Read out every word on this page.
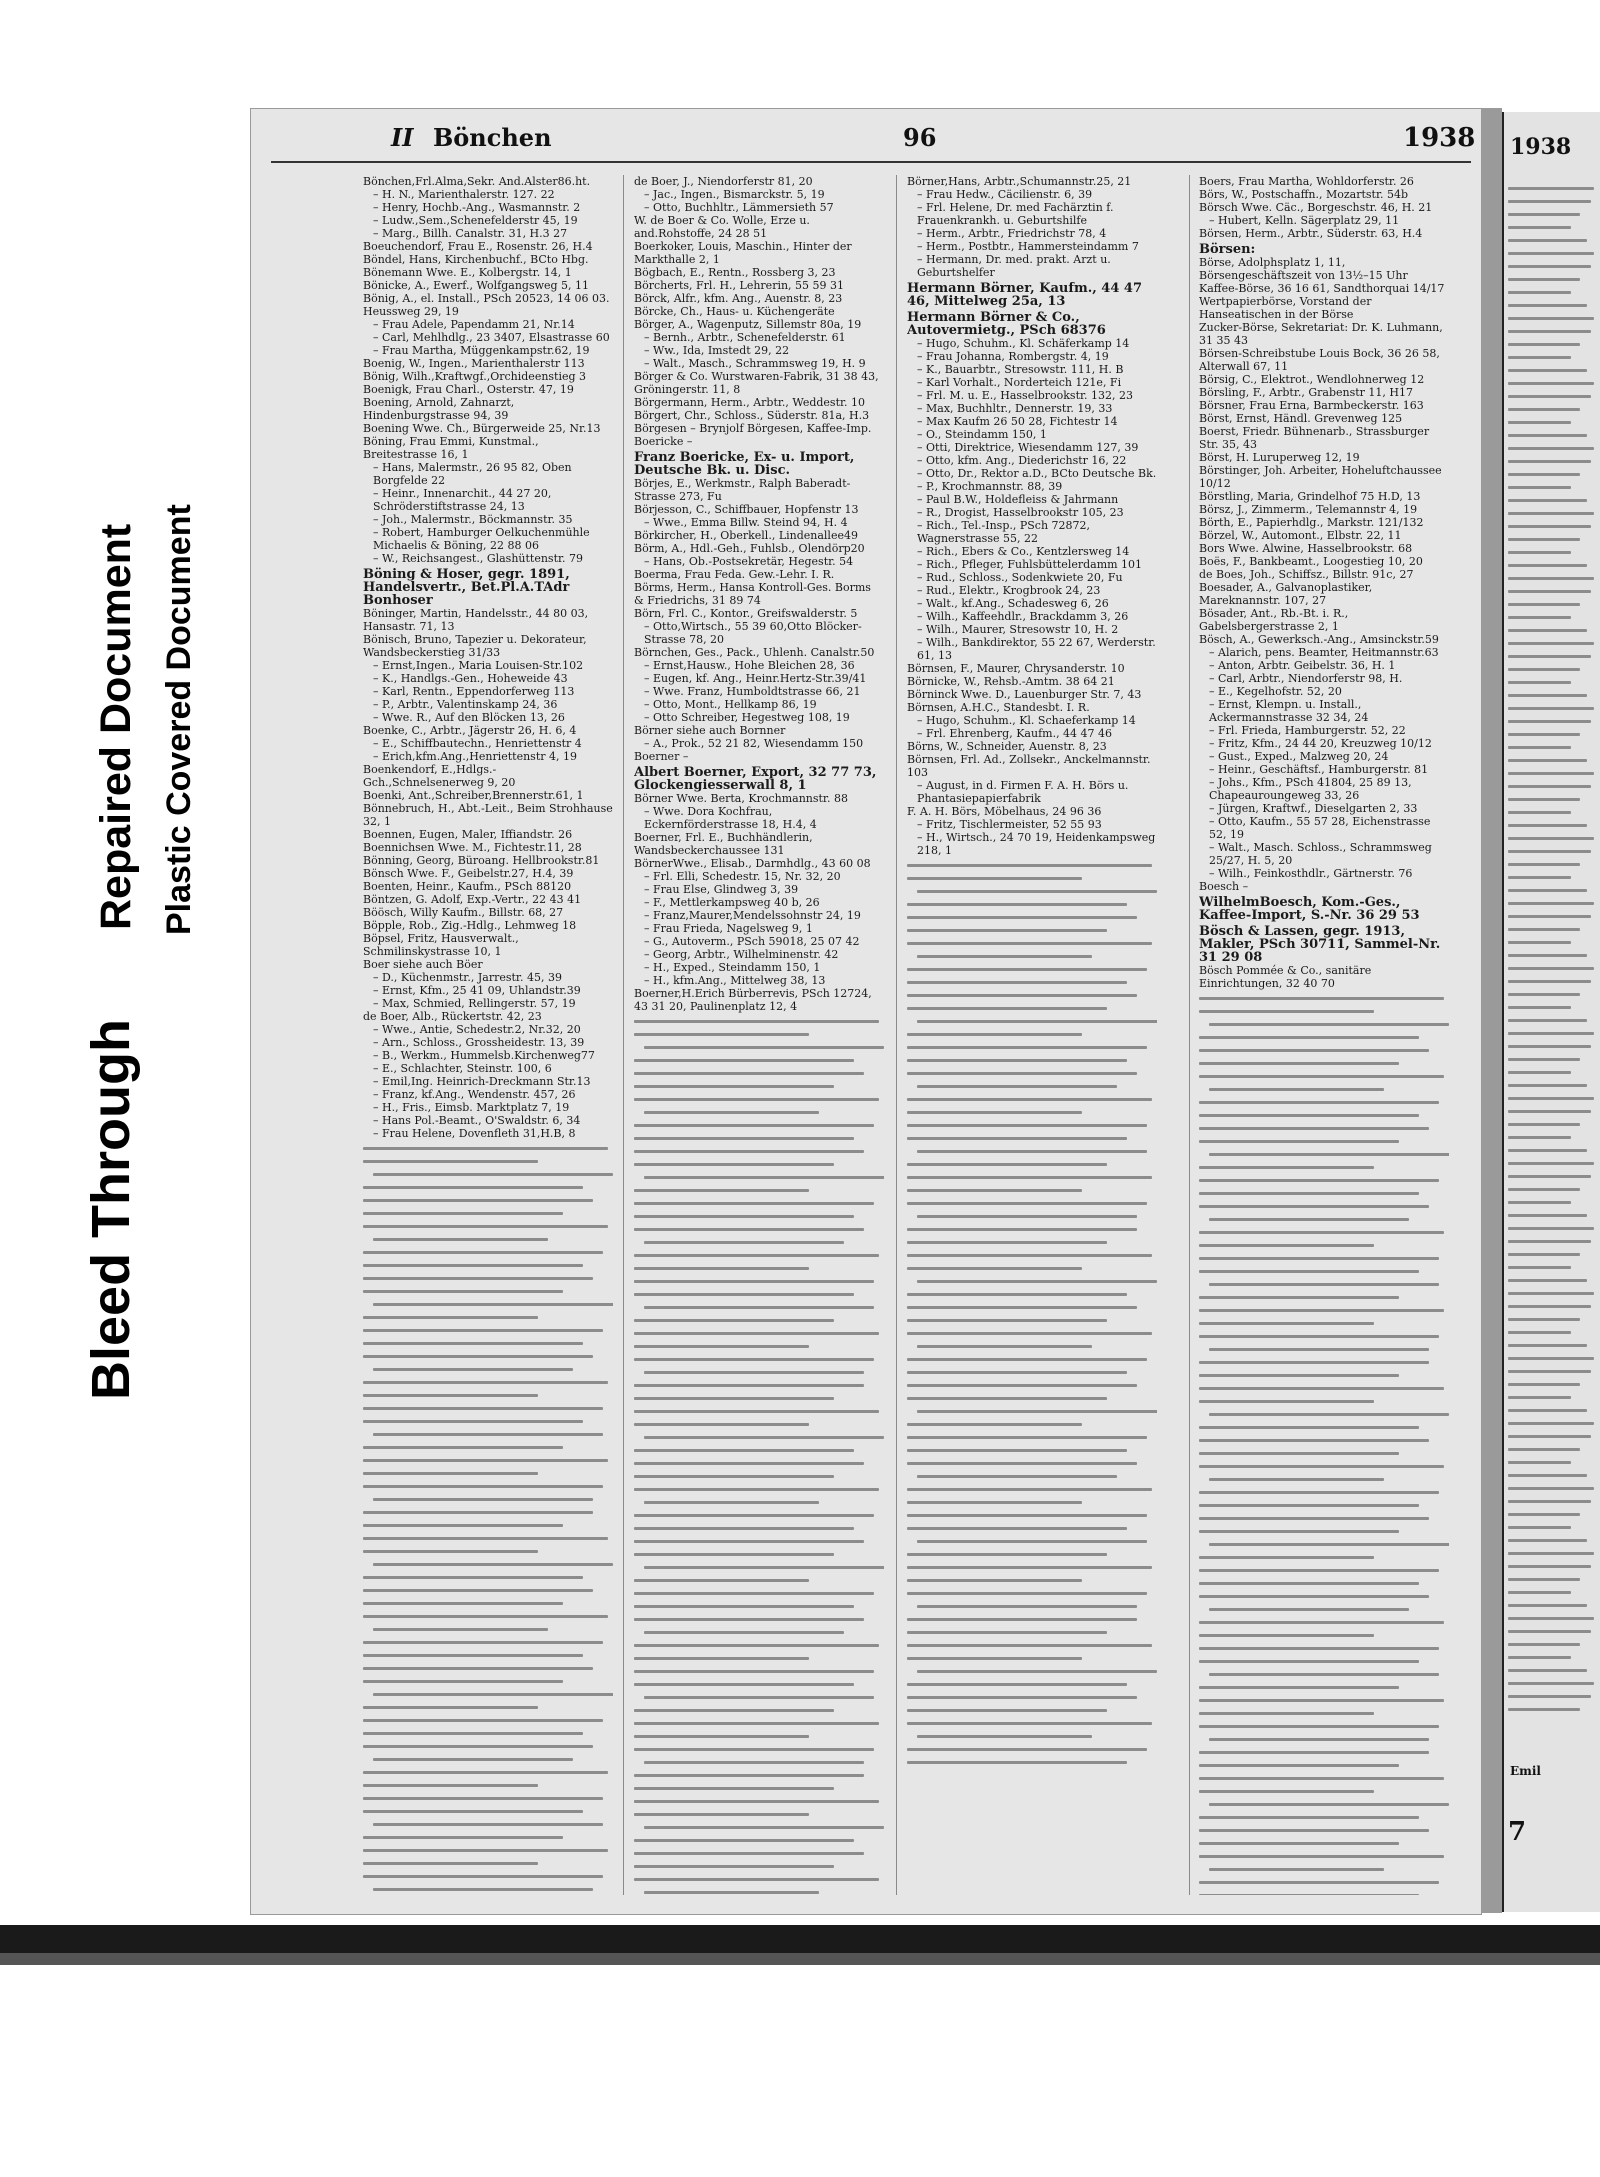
Bleed Through
Repaired Document Plastic Covered Document
II Bönchen	96	1938

Bönchen,Frl.Alma,Sekr. And.Alster86.ht.

– H. N., Marienthalerstr. 127. 22

– Henry, Hochb.-Ang., Wasmannstr. 2

– Ludw.,Sem.,Schenefelderstr 45, 19

– Marg., Billh. Canalstr. 31, H.3 27

Boeuchendorf, Frau E., Rosenstr. 26, H.4

Böndel, Hans, Kirchenbuchf., BCto Hbg.

Bönemann Wwe. E., Kolbergstr. 14, 1

Bönicke, A., Ewerf., Wolfgangsweg 5, 11

Bönig, A., el. Install., PSch 20523, 14 06 03. Heussweg 29, 19

– Frau Adele, Papendamm 21, Nr.14

– Carl, Mehlhdlg., 23 3407, Elsastrasse 60

– Frau Martha, Müggenkampstr.62, 19

Boenig, W., Ingen., Marienthalerstr 113

Bönig, Wilh.,Kraftwgf.,Orchideenstieg 3

Boenigk, Frau Charl., Osterstr. 47, 19

Boening, Arnold, Zahnarzt, Hindenburgstrasse 94, 39

Boening Wwe. Ch., Bürgerweide 25, Nr.13

Böning, Frau Emmi, Kunstmal., Breitestrasse 16, 1

– Hans, Malermstr., 26 95 82, Oben Borgfelde 22

– Heinr., Innenarchit., 44 27 20, Schröderstiftstrasse 24, 13

– Joh., Malermstr., Böckmannstr. 35

– Robert, Hamburger Oelkuchenmühle Michaelis & Böning, 22 88 06

– W., Reichsangest., Glashüttenstr. 79

Böning & Hoser, gegr. 1891, Handelsvertr., Bet.Pl.A.TAdr Bonhoser

Böninger, Martin, Handelsstr., 44 80 03, Hansastr. 71, 13

Bönisch, Bruno, Tapezier u. Dekorateur, Wandsbeckerstieg 31/33

– Ernst,Ingen., Maria Louisen-Str.102

– K., Handlgs.-Gen., Hoheweide 43

– Karl, Rentn., Eppendorferweg 113

– P., Arbtr., Valentinskamp 24, 36

– Wwe. R., Auf den Blöcken 13, 26

Boenke, C., Arbtr., Jägerstr 26, H. 6, 4

– E., Schiffbautechn., Henriettenstr 4

– Erich,kfm.Ang.,Henriettenstr 4, 19

Boenkendorf, E.,Hdlgs.-Gch.,Schnelsenerweg 9, 20

Boenki, Ant.,Schreiber,Brennerstr.61, 1

Bönnebruch, H., Abt.-Leit., Beim Strohhause 32, 1

Boennen, Eugen, Maler, Iffiandstr. 26

Boennichsen Wwe. M., Fichtestr.11, 28

Bönning, Georg, Büroang. Hellbrookstr.81

Bönsch Wwe. F., Geibelstr.27, H.4, 39

Boenten, Heinr., Kaufm., PSch 88120

Böntzen, G. Adolf, Exp.-Vertr., 22 43 41

Böösch, Willy Kaufm., Billstr. 68, 27

Böpple, Rob., Zig.-Hdlg., Lehmweg 18

Böpsel, Fritz, Hausverwalt., Schmilinskystrasse 10, 1

Boer siehe auch Böer

– D., Küchenmstr., Jarrestr. 45, 39

– Ernst, Kfm., 25 41 09, Uhlandstr.39

– Max, Schmied, Rellingerstr. 57, 19

de Boer, Alb., Rückertstr. 42, 23

– Wwe., Antie, Schedestr.2, Nr.32, 20

– Arn., Schloss., Grossheidestr. 13, 39

– B., Werkm., Hummelsb.Kirchenweg77

– E., Schlachter, Steinstr. 100, 6

– Emil,Ing. Heinrich-Dreckmann Str.13

– Franz, kf.Ang., Wendenstr. 457, 26

– H., Fris., Eimsb. Marktplatz 7, 19

– Hans Pol.-Beamt., O'Swaldstr. 6, 34

– Frau Helene, Dovenfleth 31,H.B, 8

de Boer, J., Niendorferstr 81, 20

– Jac., Ingen., Bismarckstr. 5, 19

– Otto, Buchhltr., Lämmersieth 57

W. de Boer & Co. Wolle, Erze u. and.Rohstoffe, 24 28 51

Boerkoker, Louis, Maschin., Hinter der Markthalle 2, 1

Bögbach, E., Rentn., Rossberg 3, 23

Börcherts, Frl. H., Lehrerin, 55 59 31

Börck, Alfr., kfm. Ang., Auenstr. 8, 23

Börcke, Ch., Haus- u. Küchengeräte

Börger, A., Wagenputz, Sillemstr 80a, 19

– Bernh., Arbtr., Schenefelderstr. 61

– Ww., Ida, Imstedt 29, 22

– Walt., Masch., Schrammsweg 19, H. 9

Börger & Co. Wurstwaren-Fabrik, 31 38 43, Gröningerstr. 11, 8

Börgermann, Herm., Arbtr., Weddestr. 10

Börgert, Chr., Schloss., Süderstr. 81a, H.3

Börgesen – Brynjolf Börgesen, Kaffee-Imp.

Boericke –

Franz Boericke, Ex- u. Import, Deutsche Bk. u. Disc.

Börjes, E., Werkmstr., Ralph Baberadt-Strasse 273, Fu

Börjesson, C., Schiffbauer, Hopfenstr 13

– Wwe., Emma Billw. Steind 94, H. 4

Börkircher, H., Oberkell., Lindenallee49

Börm, A., Hdl.-Geh., Fuhlsb., Olendörp20

– Hans, Ob.-Postsekretär, Hegestr. 54

Boerma, Frau Feda. Gew.-Lehr. I. R.

Börms, Herm., Hansa Kontroll-Ges. Borms & Friedrichs, 31 89 74

Börn, Frl. C., Kontor., Greifswalderstr. 5

– Otto,Wirtsch., 55 39 60,Otto Blöcker-Strasse 78, 20

Börnchen, Ges., Pack., Uhlenh. Canalstr.50

– Ernst,Hausw., Hohe Bleichen 28, 36

– Eugen, kf. Ang., Heinr.Hertz-Str.39/41

– Wwe. Franz, Humboldtstrasse 66, 21

– Otto, Mont., Hellkamp 86, 19

– Otto Schreiber, Hegestweg 108, 19

Börner siehe auch Bornner

– A., Prok., 52 21 82, Wiesendamm 150

Boerner –

Albert Boerner, Export, 32 77 73, Glockengiesserwall 8, 1

Börner Wwe. Berta, Krochmannstr. 88

– Wwe. Dora Kochfrau, Eckernförderstrasse 18, H.4, 4

Boerner, Frl. E., Buchhändlerin, Wandsbeckerchaussee 131

BörnerWwe., Elisab., Darmhdlg., 43 60 08

– Frl. Elli, Schedestr. 15, Nr. 32, 20

– Frau Else, Glindweg 3, 39

– F., Mettlerkampsweg 40 b, 26

– Franz,Maurer,Mendelssohnstr 24, 19

– Frau Frieda, Nagelsweg 9, 1

– G., Autoverm., PSch 59018, 25 07 42

– Georg, Arbtr., Wilhelminenstr. 42

– H., Exped., Steindamm 150, 1

– H., kfm.Ang., Mittelweg 38, 13

Boerner,H.Erich Bürberrevis, PSch 12724, 43 31 20, Paulinenplatz 12, 4

Börner,Hans, Arbtr.,Schumannstr.25, 21

– Frau Hedw., Cäcilienstr. 6, 39

– Frl. Helene, Dr. med Fachärztin f. Frauenkrankh. u. Geburtshilfe

– Herm., Arbtr., Friedrichstr 78, 4

– Herm., Postbtr., Hammersteindamm 7

– Hermann, Dr. med. prakt. Arzt u. Geburtshelfer

Hermann Börner, Kaufm., 44 47 46, Mittelweg 25a, 13

Hermann Börner & Co., Autovermietg., PSch 68376

– Hugo, Schuhm., Kl. Schäferkamp 14

– Frau Johanna, Rombergstr. 4, 19

– K., Bauarbtr., Stresowstr. 111, H. B

– Karl Vorhalt., Norderteich 121e, Fi

– Frl. M. u. E., Hasselbrookstr. 132, 23

– Max, Buchhltr., Dennerstr. 19, 33

– Max Kaufm 26 50 28, Fichtestr 14

– O., Steindamm 150, 1

– Otti, Direktrice, Wiesendamm 127, 39

– Otto, kfm. Ang., Diederichstr 16, 22

– Otto, Dr., Rektor a.D., BCto Deutsche Bk.

– P., Krochmannstr. 88, 39

– Paul B.W., Holdefleiss & Jahrmann

– R., Drogist, Hasselbrookstr 105, 23

– Rich., Tel.-Insp., PSch 72872, Wagnerstrasse 55, 22

– Rich., Ebers & Co., Kentzlersweg 14

– Rich., Pfleger, Fuhlsbüttelerdamm 101

– Rud., Schloss., Sodenkwiete 20, Fu

– Rud., Elektr., Krogbrook 24, 23

– Walt., kf.Ang., Schadesweg 6, 26

– Wilh., Kaffeehdlr., Brackdamm 3, 26

– Wilh., Maurer, Stresowstr 10, H. 2

– Wilh., Bankdirektor, 55 22 67, Werderstr. 61, 13

Börnsen, F., Maurer, Chrysanderstr. 10

Börnicke, W., Rehsb.-Amtm. 38 64 21

Börninck Wwe. D., Lauenburger Str. 7, 43

Börnsen, A.H.C., Standesbt. I. R.

– Hugo, Schuhm., Kl. Schaeferkamp 14

– Frl. Ehrenberg, Kaufm., 44 47 46

Börns, W., Schneider, Auenstr. 8, 23

Börnsen, Frl. Ad., Zollsekr., Anckelmannstr. 103

– August, in d. Firmen F. A. H. Börs u. Phantasiepapierfabrik

F. A. H. Börs, Möbelhaus, 24 96 36

– Fritz, Tischlermeister, 52 55 93

– H., Wirtsch., 24 70 19, Heidenkampsweg 218, 1

Boers, Frau Martha, Wohldorferstr. 26

Börs, W., Postschaffn., Mozartstr. 54b

Börsch Wwe. Cäc., Borgeschstr. 46, H. 21

– Hubert, Kelln. Sägerplatz 29, 11

Börsen, Herm., Arbtr., Süderstr. 63, H.4

Börsen:

Börse, Adolphsplatz 1, 11, Börsengeschäftszeit von 13½–15 Uhr

Kaffee-Börse, 36 16 61, Sandthorquai 14/17

Wertpapierbörse, Vorstand der Hanseatischen in der Börse

Zucker-Börse, Sekretariat: Dr. K. Luhmann, 31 35 43

Börsen-Schreibstube Louis Bock, 36 26 58, Alterwall 67, 11

Börsig, C., Elektrot., Wendlohnerweg 12

Börsling, F., Arbtr., Grabenstr 11, H17

Börsner, Frau Erna, Barmbeckerstr. 163

Börst, Ernst, Händl. Grevenweg 125

Boerst, Friedr. Bühnenarb., Strassburger Str. 35, 43

Börst, H. Luruperweg 12, 19

Börstinger, Joh. Arbeiter, Hoheluftchaussee 10/12

Börstling, Maria, Grindelhof 75 H.D, 13

Börsz, J., Zimmerm., Telemannstr 4, 19

Börth, E., Papierhdlg., Markstr. 121/132

Börzel, W., Automont., Elbstr. 22, 11

Bors Wwe. Alwine, Hasselbrookstr. 68

Boës, F., Bankbeamt., Loogestieg 10, 20

de Boes, Joh., Schiffsz., Billstr. 91c, 27

Boesader, A., Galvanoplastiker, Mareknannstr. 107, 27

Bösader, Ant., Rb.-Bt. i. R., Gabelsbergerstrasse 2, 1

Bösch, A., Gewerksch.-Ang., Amsinckstr.59

– Alarich, pens. Beamter, Heitmannstr.63

– Anton, Arbtr. Geibelstr. 36, H. 1

– Carl, Arbtr., Niendorferstr 98, H.

– E., Kegelhofstr. 52, 20

– Ernst, Klempn. u. Install., Ackermannstrasse 32 34, 24

– Frl. Frieda, Hamburgerstr. 52, 22

– Fritz, Kfm., 24 44 20, Kreuzweg 10/12

– Gust., Exped., Malzweg 20, 24

– Heinr., Geschäftsf., Hamburgerstr. 81

– Johs., Kfm., PSch 41804, 25 89 13, Chapeauroungeweg 33, 26

– Jürgen, Kraftwf., Dieselgarten 2, 33

– Otto, Kaufm., 55 57 28, Eichenstrasse 52, 19

– Walt., Masch. Schloss., Schrammsweg 25/27, H. 5, 20

– Wilh., Feinkosthdlr., Gärtnerstr. 76

Boesch –

WilhelmBoesch, Kom.-Ges., Kaffee-Import, S.-Nr. 36 29 53

Bösch & Lassen, gegr. 1913, Makler, PSch 30711, Sammel-Nr. 31 29 08

Bösch Pommée & Co., sanitäre Einrichtungen, 32 40 70

1938
Emil
7
